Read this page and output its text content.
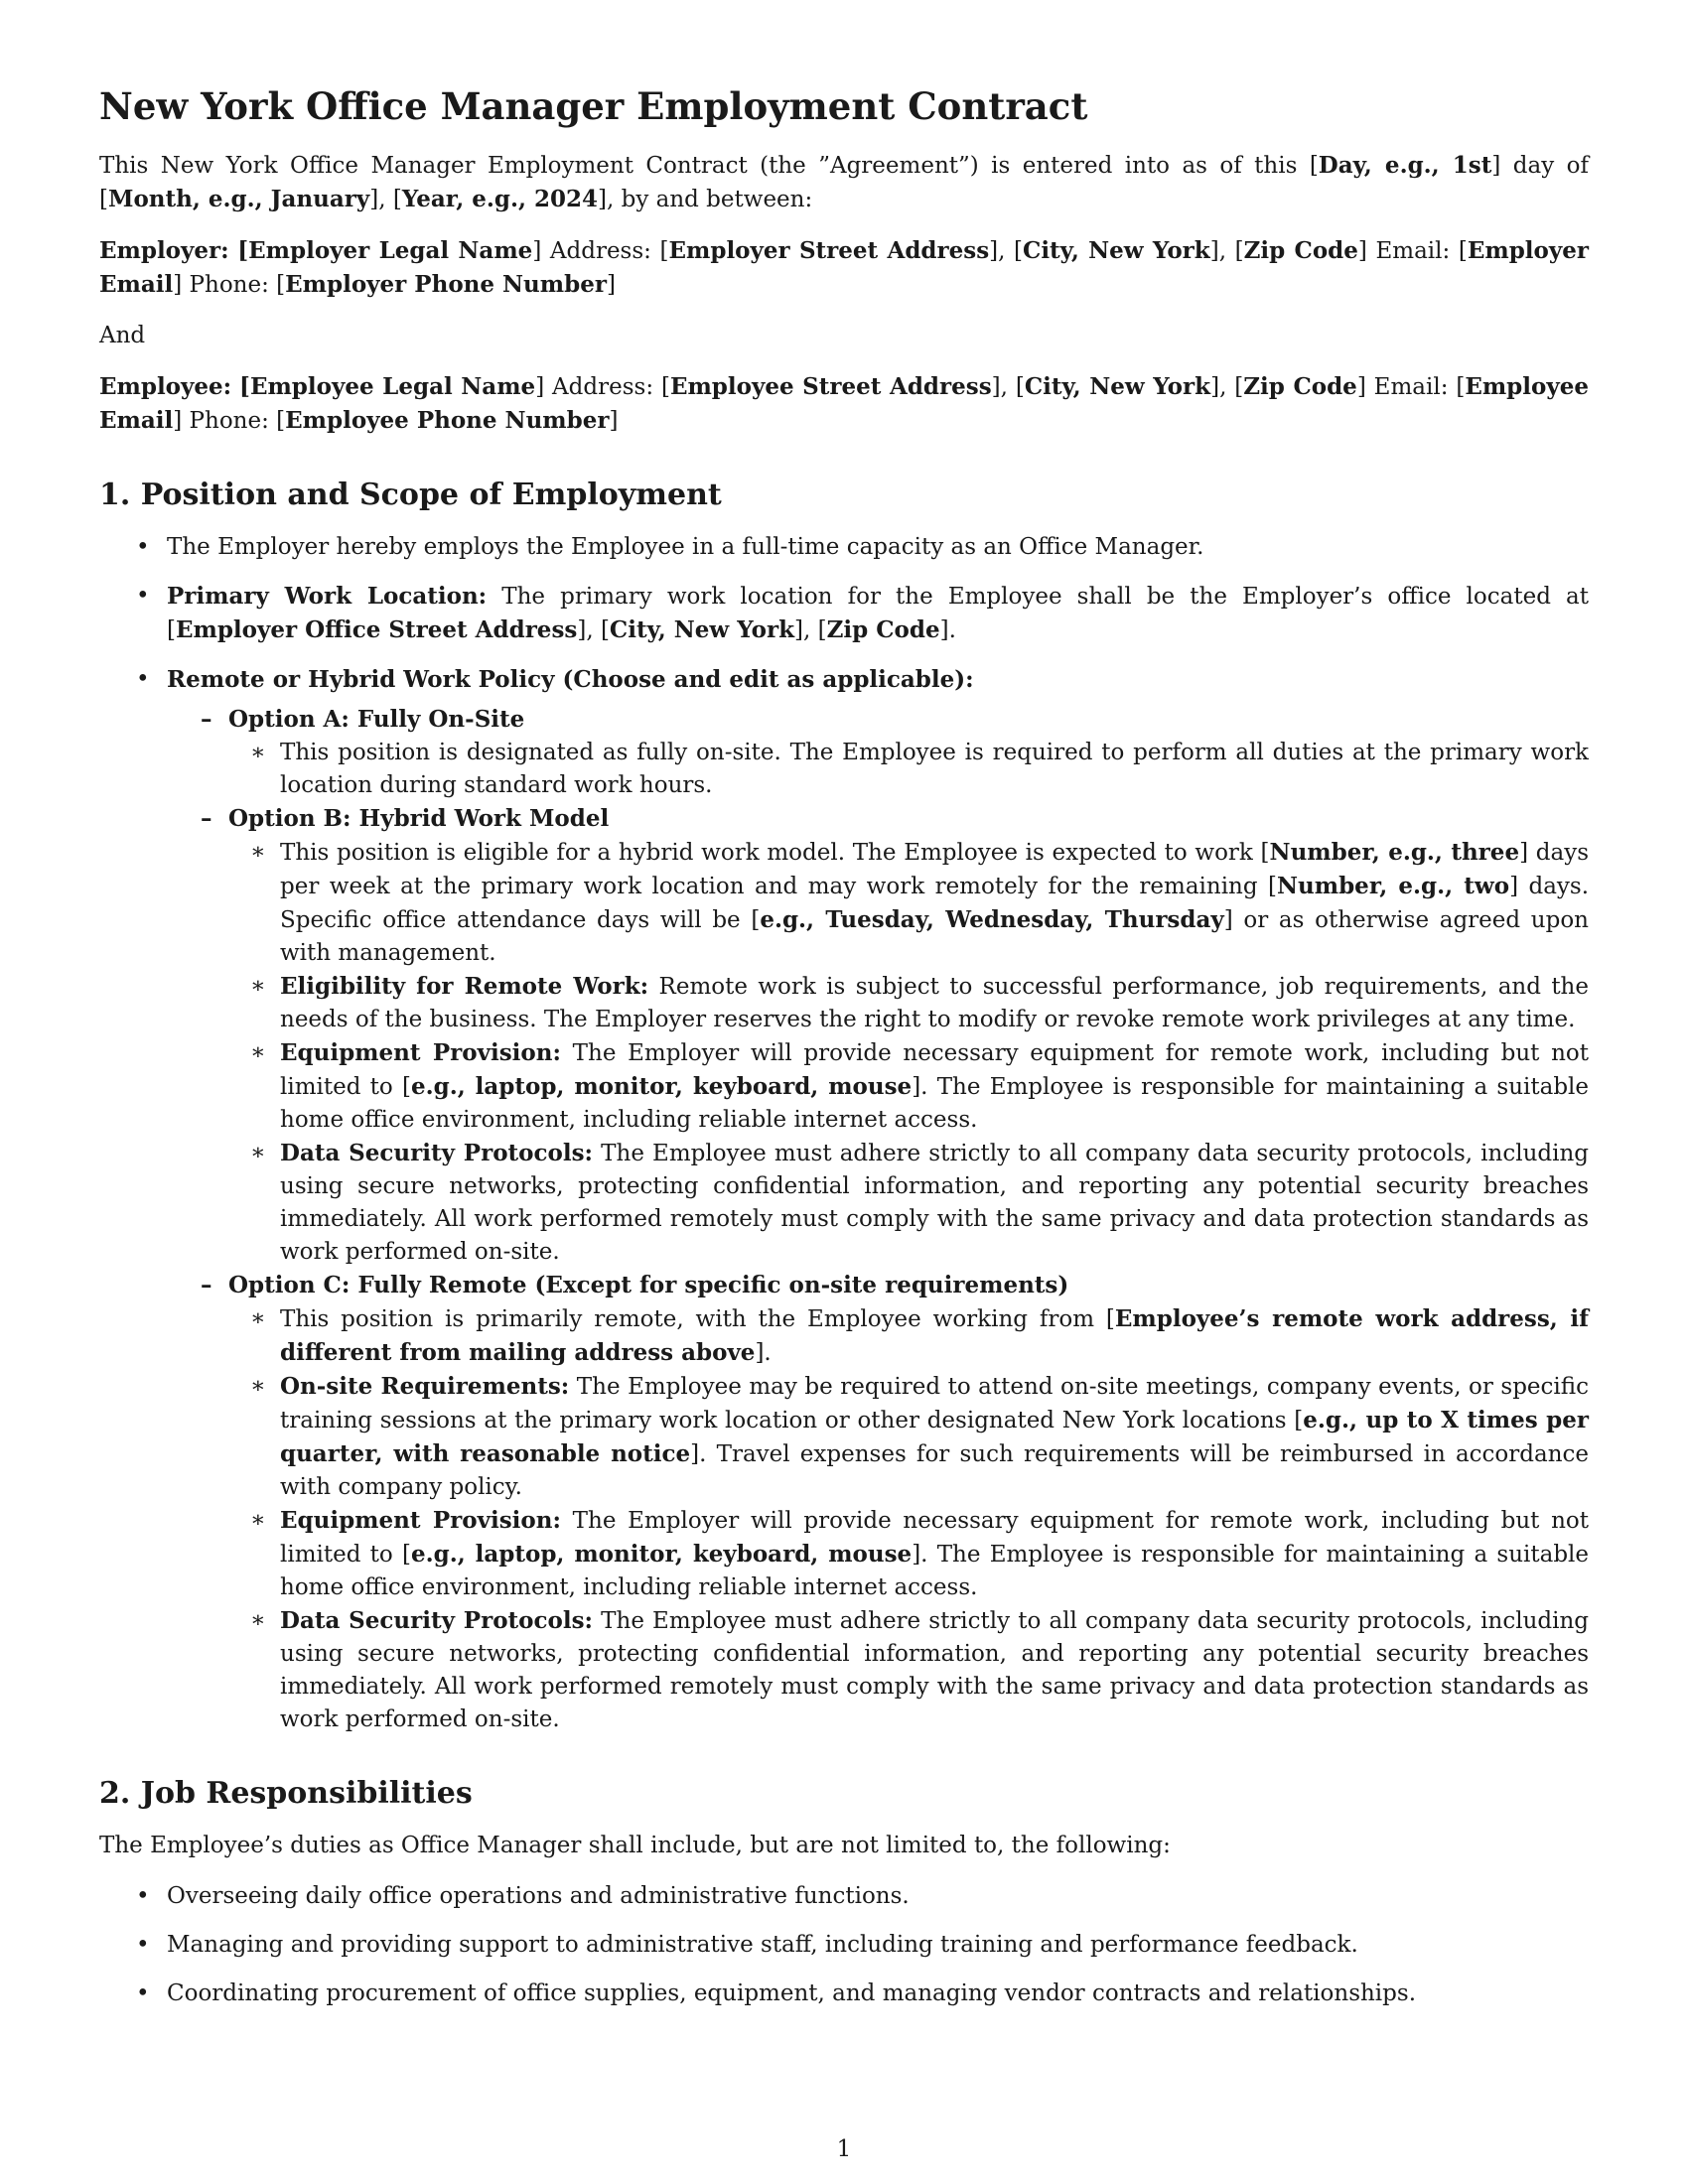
New York Office Manager Employment Contract

This New York Office Manager Employment Contract (the ”Agreement”) is entered into as of this [Day, e.g., 1st] day of [Month, e.g., January], [Year, e.g., 2024], by and between:

Employer: [Employer Legal Name] Address: [Employer Street Address], [City, New York], [Zip Code] Email: [Employer Email] Phone: [Employer Phone Number]

And

Employee: [Employee Legal Name] Address: [Employee Street Address], [City, New York], [Zip Code] Email: [Employee Email] Phone: [Employee Phone Number]

1. Position and Scope of Employment
• The Employer hereby employs the Employee in a full-time capacity as an Office Manager.
• Primary Work Location: The primary work location for the Employee shall be the Employer’s office located at [Employer Office Street Address], [City, New York], [Zip Code].
• Remote or Hybrid Work Policy (Choose and edit as applicable):
– Option A: Fully On-Site
∗ This position is designated as fully on-site. The Employee is required to perform all duties at the primary work location during standard work hours.
– Option B: Hybrid Work Model
∗ This position is eligible for a hybrid work model. The Employee is expected to work [Number, e.g., three] days per week at the primary work location and may work remotely for the remaining [Number, e.g., two] days. Specific office attendance days will be [e.g., Tuesday, Wednesday, Thursday] or as otherwise agreed upon with management.
∗ Eligibility for Remote Work: Remote work is subject to successful performance, job requirements, and the needs of the business. The Employer reserves the right to modify or revoke remote work privileges at any time.
∗ Equipment Provision: The Employer will provide necessary equipment for remote work, including but not limited to [e.g., laptop, monitor, keyboard, mouse]. The Employee is responsible for maintaining a suitable home office environment, including reliable internet access.
∗ Data Security Protocols: The Employee must adhere strictly to all company data security protocols, including using secure networks, protecting confidential information, and reporting any potential security breaches immediately. All work performed remotely must comply with the same privacy and data protection standards as work performed on-site.
– Option C: Fully Remote (Except for specific on-site requirements)
∗ This position is primarily remote, with the Employee working from [Employee’s remote work address, if different from mailing address above].
∗ On-site Requirements: The Employee may be required to attend on-site meetings, company events, or specific training sessions at the primary work location or other designated New York locations [e.g., up to X times per quarter, with reasonable notice]. Travel expenses for such requirements will be reimbursed in accordance with company policy.
∗ Equipment Provision: The Employer will provide necessary equipment for remote work, including but not limited to [e.g., laptop, monitor, keyboard, mouse]. The Employee is responsible for maintaining a suitable home office environment, including reliable internet access.
∗ Data Security Protocols: The Employee must adhere strictly to all company data security protocols, including using secure networks, protecting confidential information, and reporting any potential security breaches immediately. All work performed remotely must comply with the same privacy and data protection standards as work performed on-site.
2. Job Responsibilities

The Employee’s duties as Office Manager shall include, but are not limited to, the following:

• Overseeing daily office operations and administrative functions.
• Managing and providing support to administrative staff, including training and performance feedback.
• Coordinating procurement of office supplies, equipment, and managing vendor contracts and relationships.
1
